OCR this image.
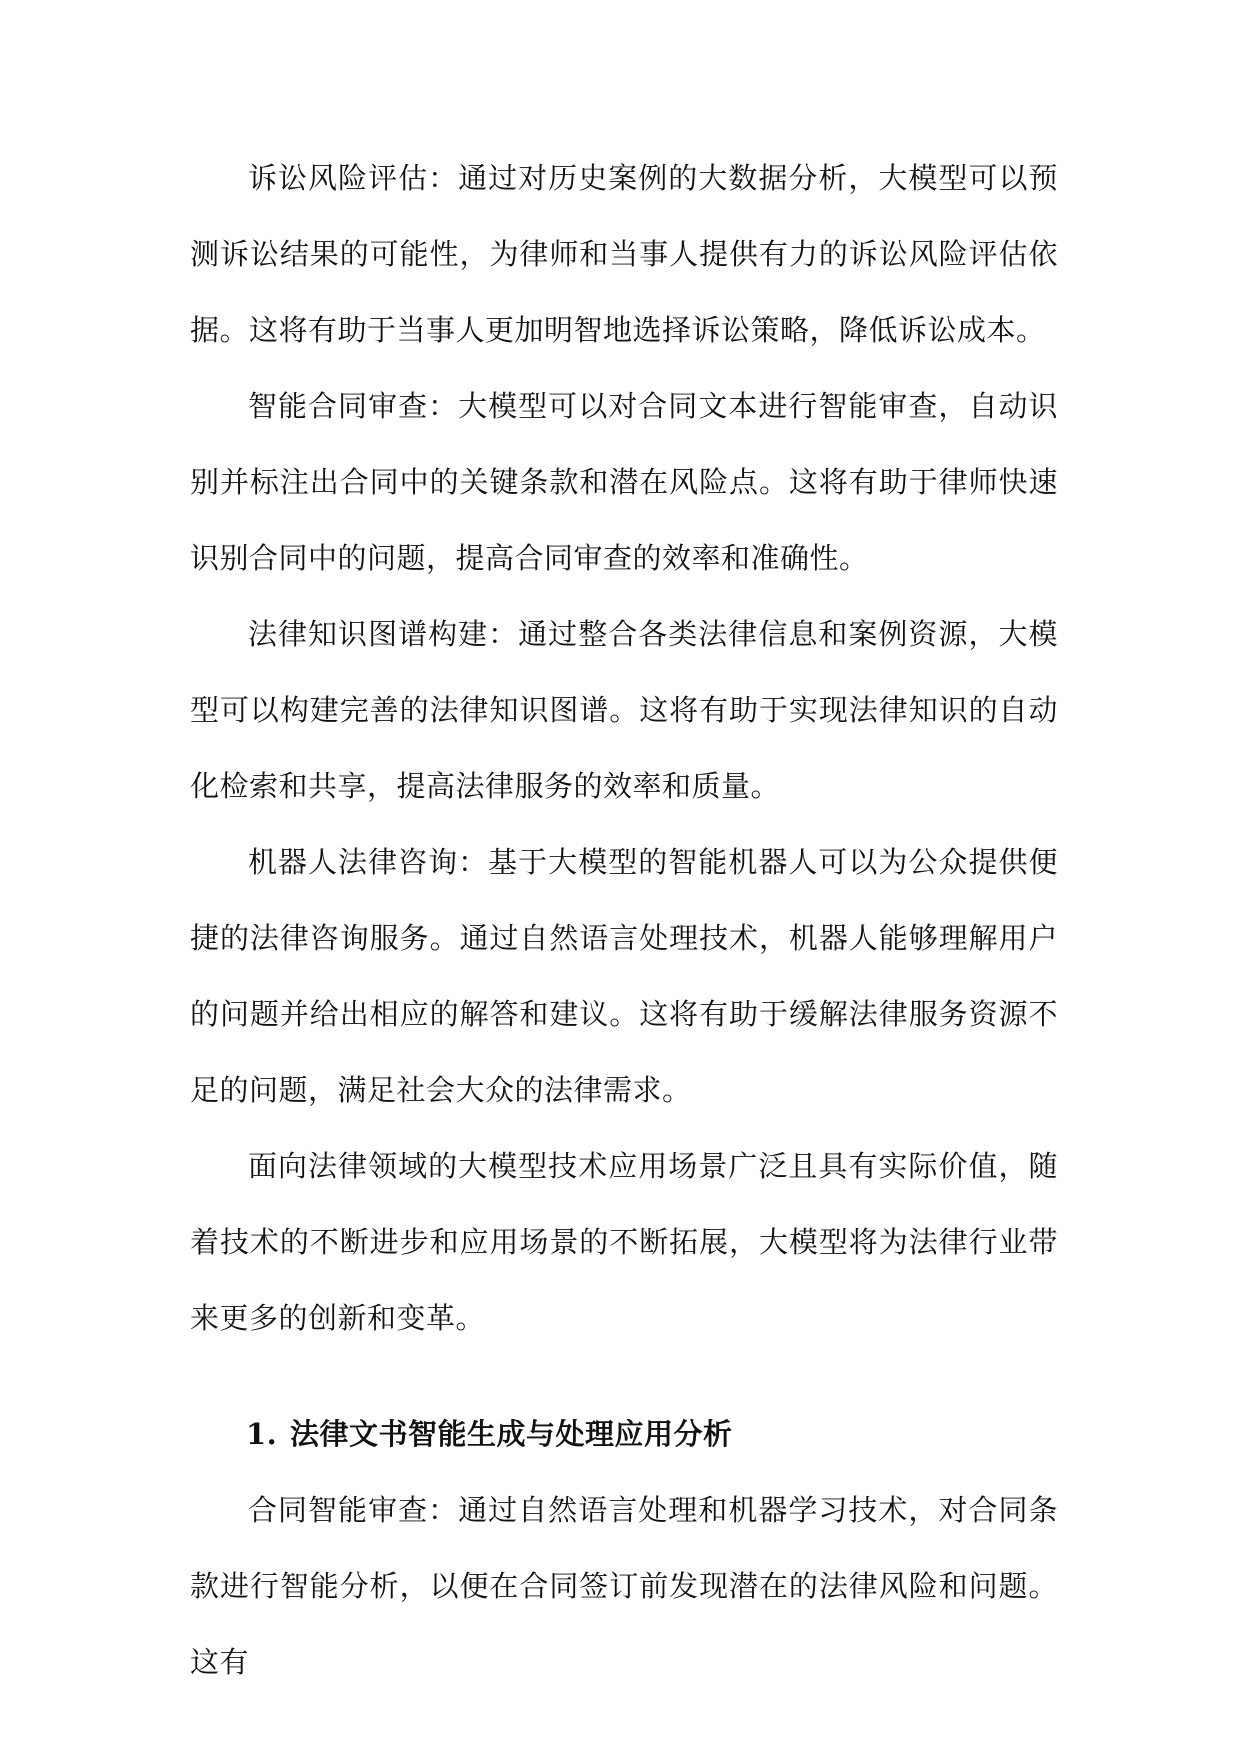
诉讼风险评估：通过对历史案例的大数据分析，大模型可以预测诉讼结果的可能性，为律师和当事人提供有力的诉讼风险评估依据。这将有助于当事人更加明智地选择诉讼策略，降低诉讼成本。

智能合同审查：大模型可以对合同文本进行智能审查，自动识别并标注出合同中的关键条款和潜在风险点。这将有助于律师快速识别合同中的问题，提高合同审查的效率和准确性。

法律知识图谱构建：通过整合各类法律信息和案例资源，大模型可以构建完善的法律知识图谱。这将有助于实现法律知识的自动化检索和共享，提高法律服务的效率和质量。

机器人法律咨询：基于大模型的智能机器人可以为公众提供便捷的法律咨询服务。通过自然语言处理技术，机器人能够理解用户的问题并给出相应的解答和建议。这将有助于缓解法律服务资源不足的问题，满足社会大众的法律需求。

面向法律领域的大模型技术应用场景广泛且具有实际价值，随着技术的不断进步和应用场景的不断拓展，大模型将为法律行业带来更多的创新和变革。

1. 法律文书智能生成与处理应用分析

合同智能审查：通过自然语言处理和机器学习技术，对合同条款进行智能分析，以便在合同签订前发现潜在的法律风险和问题。这有
